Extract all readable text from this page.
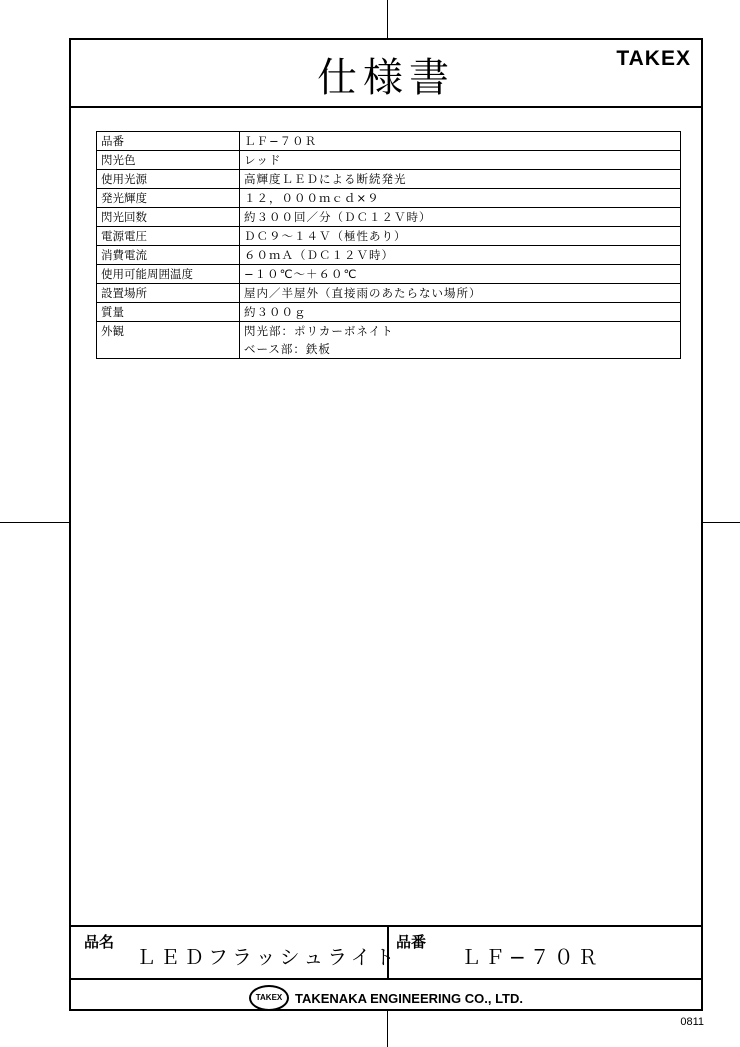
仕様書	TAKEX
品番	ＬＦ−７０Ｒ

閃光色	レッド

使用光源	高輝度ＬＥＤによる断続発光

発光輝度	１２，０００ｍｃｄ×９

閃光回数	約３００回／分（ＤＣ１２Ｖ時）

電源電圧	ＤＣ９〜１４Ｖ（極性あり）

消費電流	６０ｍＡ（ＤＣ１２Ｖ時）

使用可能周囲温度	−１０℃〜＋６０℃

設置場所	屋内／半屋外（直接雨のあたらない場所）

質量	約３００ｇ

外観	閃光部：ポリカーボネイト
ベース部：鉄板
品名
ＬＥＤフラッシュライト
品番
ＬＦ−７０Ｒ
TAKEX TAKENAKA ENGINEERING CO., LTD.
0811
